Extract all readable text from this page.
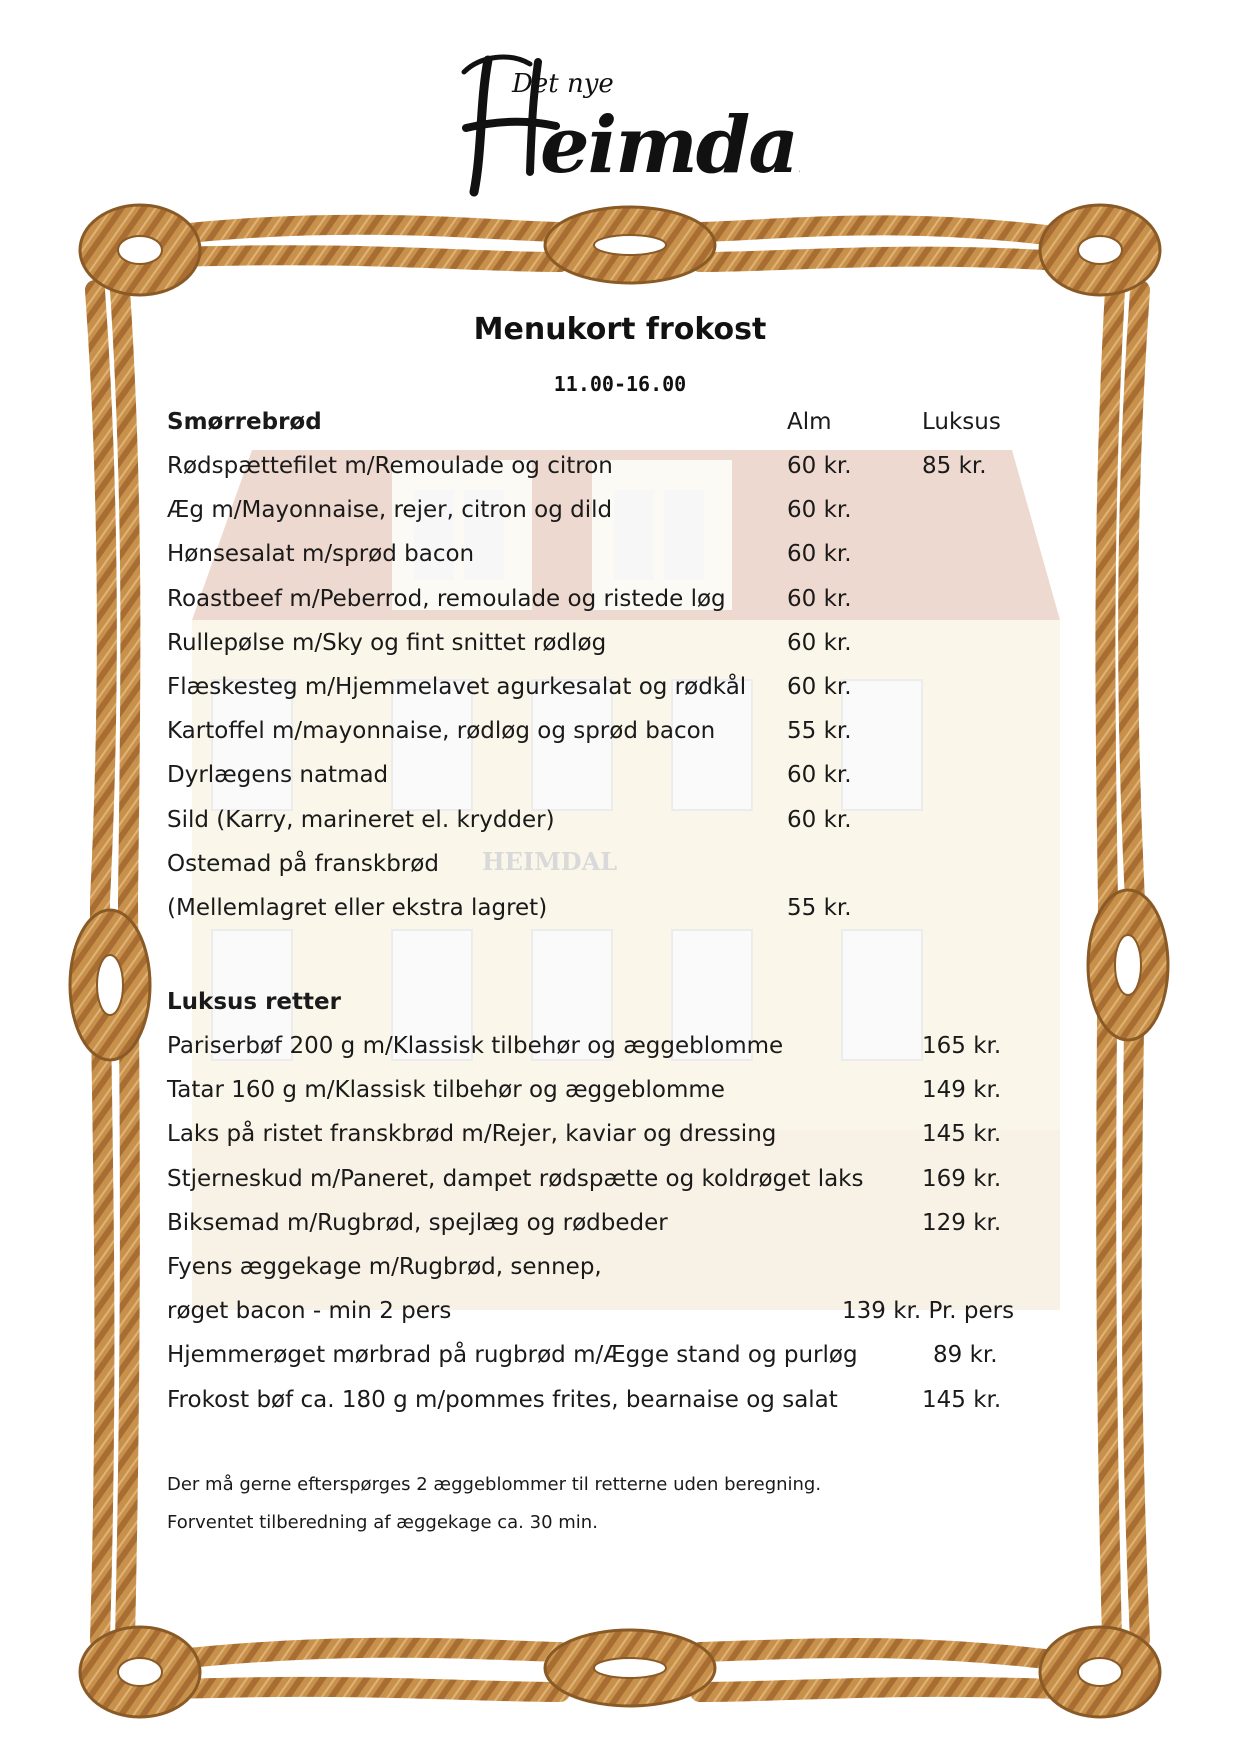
Det nye
eimdal
HEIMDAL
Menukort frokost
11.00-16.00
Smørrebrød	Alm	Luksus
Rødspættefilet m/Remoulade og citron	60 kr.	85 kr.
Æg m/Mayonnaise, rejer, citron og dild	60 kr.
Hønsesalat m/sprød bacon	60 kr.
Roastbeef m/Peberrod, remoulade og ristede løg	60 kr.
Rullepølse m/Sky og fint snittet rødløg	60 kr.
Flæskesteg m/Hjemmelavet agurkesalat og rødkål 60 kr.
Kartoffel m/mayonnaise, rødløg og sprød bacon	55 kr.
Dyrlægens natmad	60 kr.
Sild (Karry, marineret el. krydder)	60 kr.
Ostemad på franskbrød
(Mellemlagret eller ekstra lagret)	55 kr.
Luksus retter
Pariserbøf 200 g m/Klassisk tilbehør og æggeblomme	165 kr.
Tatar 160 g m/Klassisk tilbehør og æggeblomme	149 kr.
Laks på ristet franskbrød m/Rejer, kaviar og dressing	145 kr.
Stjerneskud m/Paneret, dampet rødspætte og koldrøget laks	169 kr.
Biksemad m/Rugbrød, spejlæg og rødbeder	129 kr.
Fyens æggekage m/Rugbrød, sennep,
røget bacon - min 2 pers	139 kr. Pr. pers
Hjemmerøget mørbrad på rugbrød m/Ægge stand og purløg	89 kr.
Frokost bøf ca. 180 g m/pommes frites, bearnaise og salat	145 kr.
Der må gerne efterspørges 2 æggeblommer til retterne uden beregning.
Forventet tilberedning af æggekage ca. 30 min.
